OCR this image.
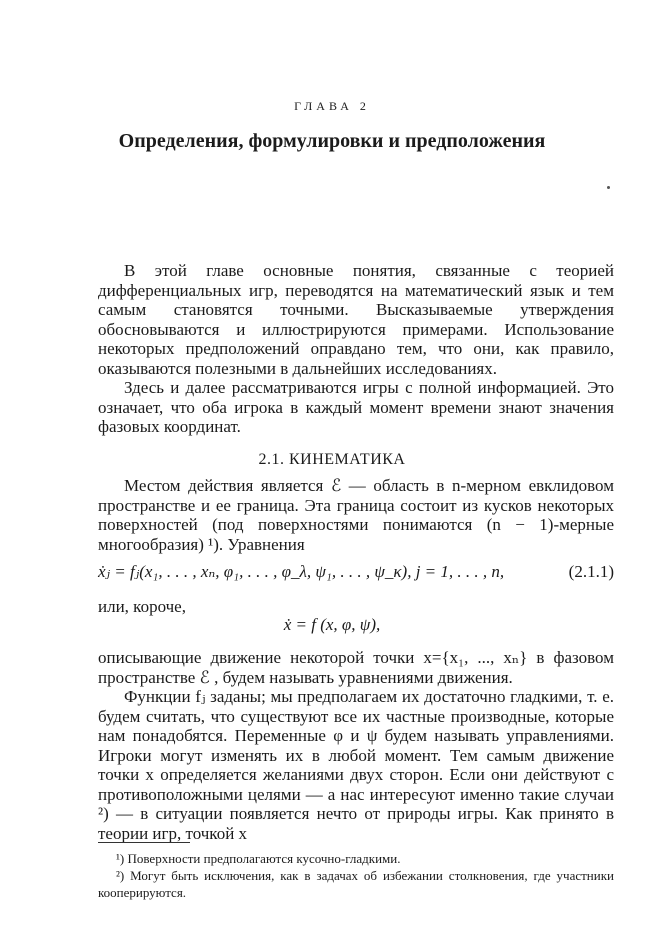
ГЛАВА 2
Определения, формулировки и предположения

В этой главе основные понятия, связанные с теорией дифференциальных игр, переводятся на математический язык и тем самым становятся точными. Высказываемые утверждения обосновываются и иллюстрируются примерами. Использование некоторых предположений оправдано тем, что они, как правило, оказываются полезными в дальнейших исследованиях.

Здесь и далее рассматриваются игры с полной информацией. Это означает, что оба игрока в каждый момент времени знают значения фазовых координат.

2.1. КИНЕМАТИКА

Местом действия является ℰ — область в n-мерном евклидовом пространстве и ее граница. Эта граница состоит из кусков некоторых поверхностей (под поверхностями понимаются (n − 1)-мерные многообразия) ¹). Уравнения

ẋⱼ = fⱼ(x₁, . . . , xₙ, φ₁, . . . , φ_λ, ψ₁, . . . , ψ_κ), j = 1, . . . , n,	(2.1.1)
или, короче,
ẋ = f (x, φ, ψ),

описывающие движение некоторой точки x={x₁, ..., xₙ} в фазовом пространстве ℰ , будем называть уравнениями движения.

Функции fⱼ заданы; мы предполагаем их достаточно гладкими, т. е. будем считать, что существуют все их частные производные, которые нам понадобятся. Переменные φ и ψ будем называть управлениями. Игроки могут изменять их в любой момент. Тем самым движение точки x определяется желаниями двух сторон. Если они действуют с противоположными целями — а нас интересуют именно такие случаи ²) — в ситуации появляется нечто от природы игры. Как принято в теории игр, точкой x

¹) Поверхности предполагаются кусочно-гладкими.

²) Могут быть исключения, как в задачах об избежании столкновения, где участники кооперируются.
